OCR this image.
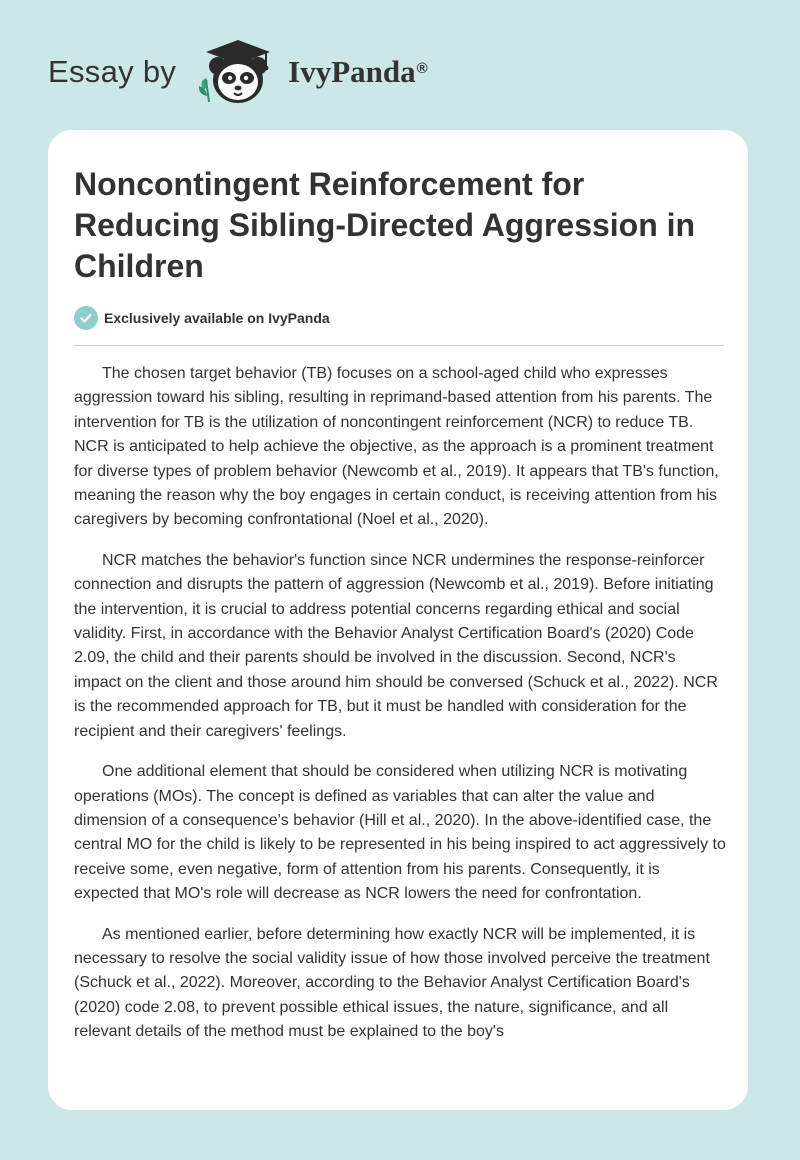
Essay by	IvyPanda ®
Noncontingent Reinforcement for Reducing Sibling-Directed Aggression in Children
Exclusively available on IvyPanda

The chosen target behavior (TB) focuses on a school-aged child who expresses aggression toward his sibling, resulting in reprimand-based attention from his parents. The intervention for TB is the utilization of noncontingent reinforcement (NCR) to reduce TB. NCR is anticipated to help achieve the objective, as the approach is a prominent treatment for diverse types of problem behavior (Newcomb et al., 2019). It appears that TB's function, meaning the reason why the boy engages in certain conduct, is receiving attention from his caregivers by becoming confrontational (Noel et al., 2020).

NCR matches the behavior's function since NCR undermines the response-reinforcer connection and disrupts the pattern of aggression (Newcomb et al., 2019). Before initiating the intervention, it is crucial to address potential concerns regarding ethical and social validity. First, in accordance with the Behavior Analyst Certification Board's (2020) Code 2.09, the child and their parents should be involved in the discussion. Second, NCR's impact on the client and those around him should be conversed (Schuck et al., 2022). NCR is the recommended approach for TB, but it must be handled with consideration for the recipient and their caregivers' feelings.

One additional element that should be considered when utilizing NCR is motivating operations (MOs). The concept is defined as variables that can alter the value and dimension of a consequence's behavior (Hill et al., 2020). In the above-identified case, the central MO for the child is likely to be represented in his being inspired to act aggressively to receive some, even negative, form of attention from his parents. Consequently, it is expected that MO's role will decrease as NCR lowers the need for confrontation.

As mentioned earlier, before determining how exactly NCR will be implemented, it is necessary to resolve the social validity issue of how those involved perceive the treatment (Schuck et al., 2022). Moreover, according to the Behavior Analyst Certification Board's (2020) code 2.08, to prevent possible ethical issues, the nature, significance, and all relevant details of the method must be explained to the boy's
